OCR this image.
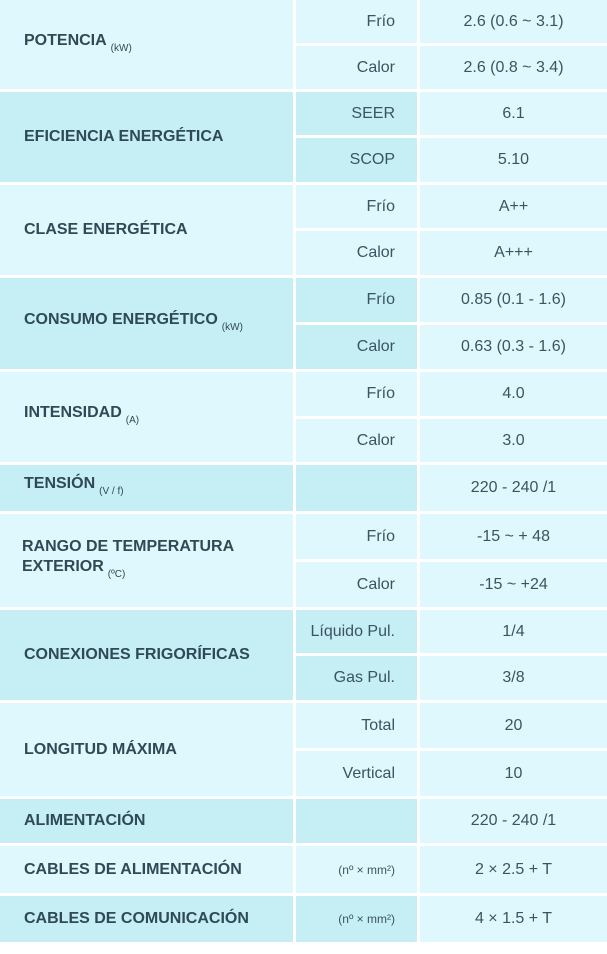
POTENCIA $_{(kW)}$	Frío	2.6 (0.6 ~ 3.1)
	Calor	2.6 (0.8 ~ 3.4)
EFICIENCIA ENERGÉTICA	SEER	6.1
	SCOP	5.10
CLASE ENERGÉTICA	Frío	A++
	Calor	A+++
CONSUMO ENERGÉTICO $_{(kW)}$	Frío	0.85 (0.1 - 1.6)
	Calor	0.63 (0.3 - 1.6)
INTENSIDAD $_{(A)}$	Frío	4.0
	Calor	3.0
TENSIÓN $_{(V / f)}$		220 - 240 /1
RANGO DE TEMPERATURA
EXTERIOR $_{(ºC)}$	Frío	-15 ~ + 48
	Calor	-15 ~ +24
CONEXIONES FRIGORÍFICAS	Líquido Pul.	1/4
	Gas Pul.	3/8
LONGITUD MÁXIMA	Total	20
	Vertical	10
ALIMENTACIÓN		220 - 240 /1
CABLES DE ALIMENTACIÓN	(nº × mm²)	2 × 2.5 + T
CABLES DE COMUNICACIÓN	(nº × mm²)	4 × 1.5 + T
